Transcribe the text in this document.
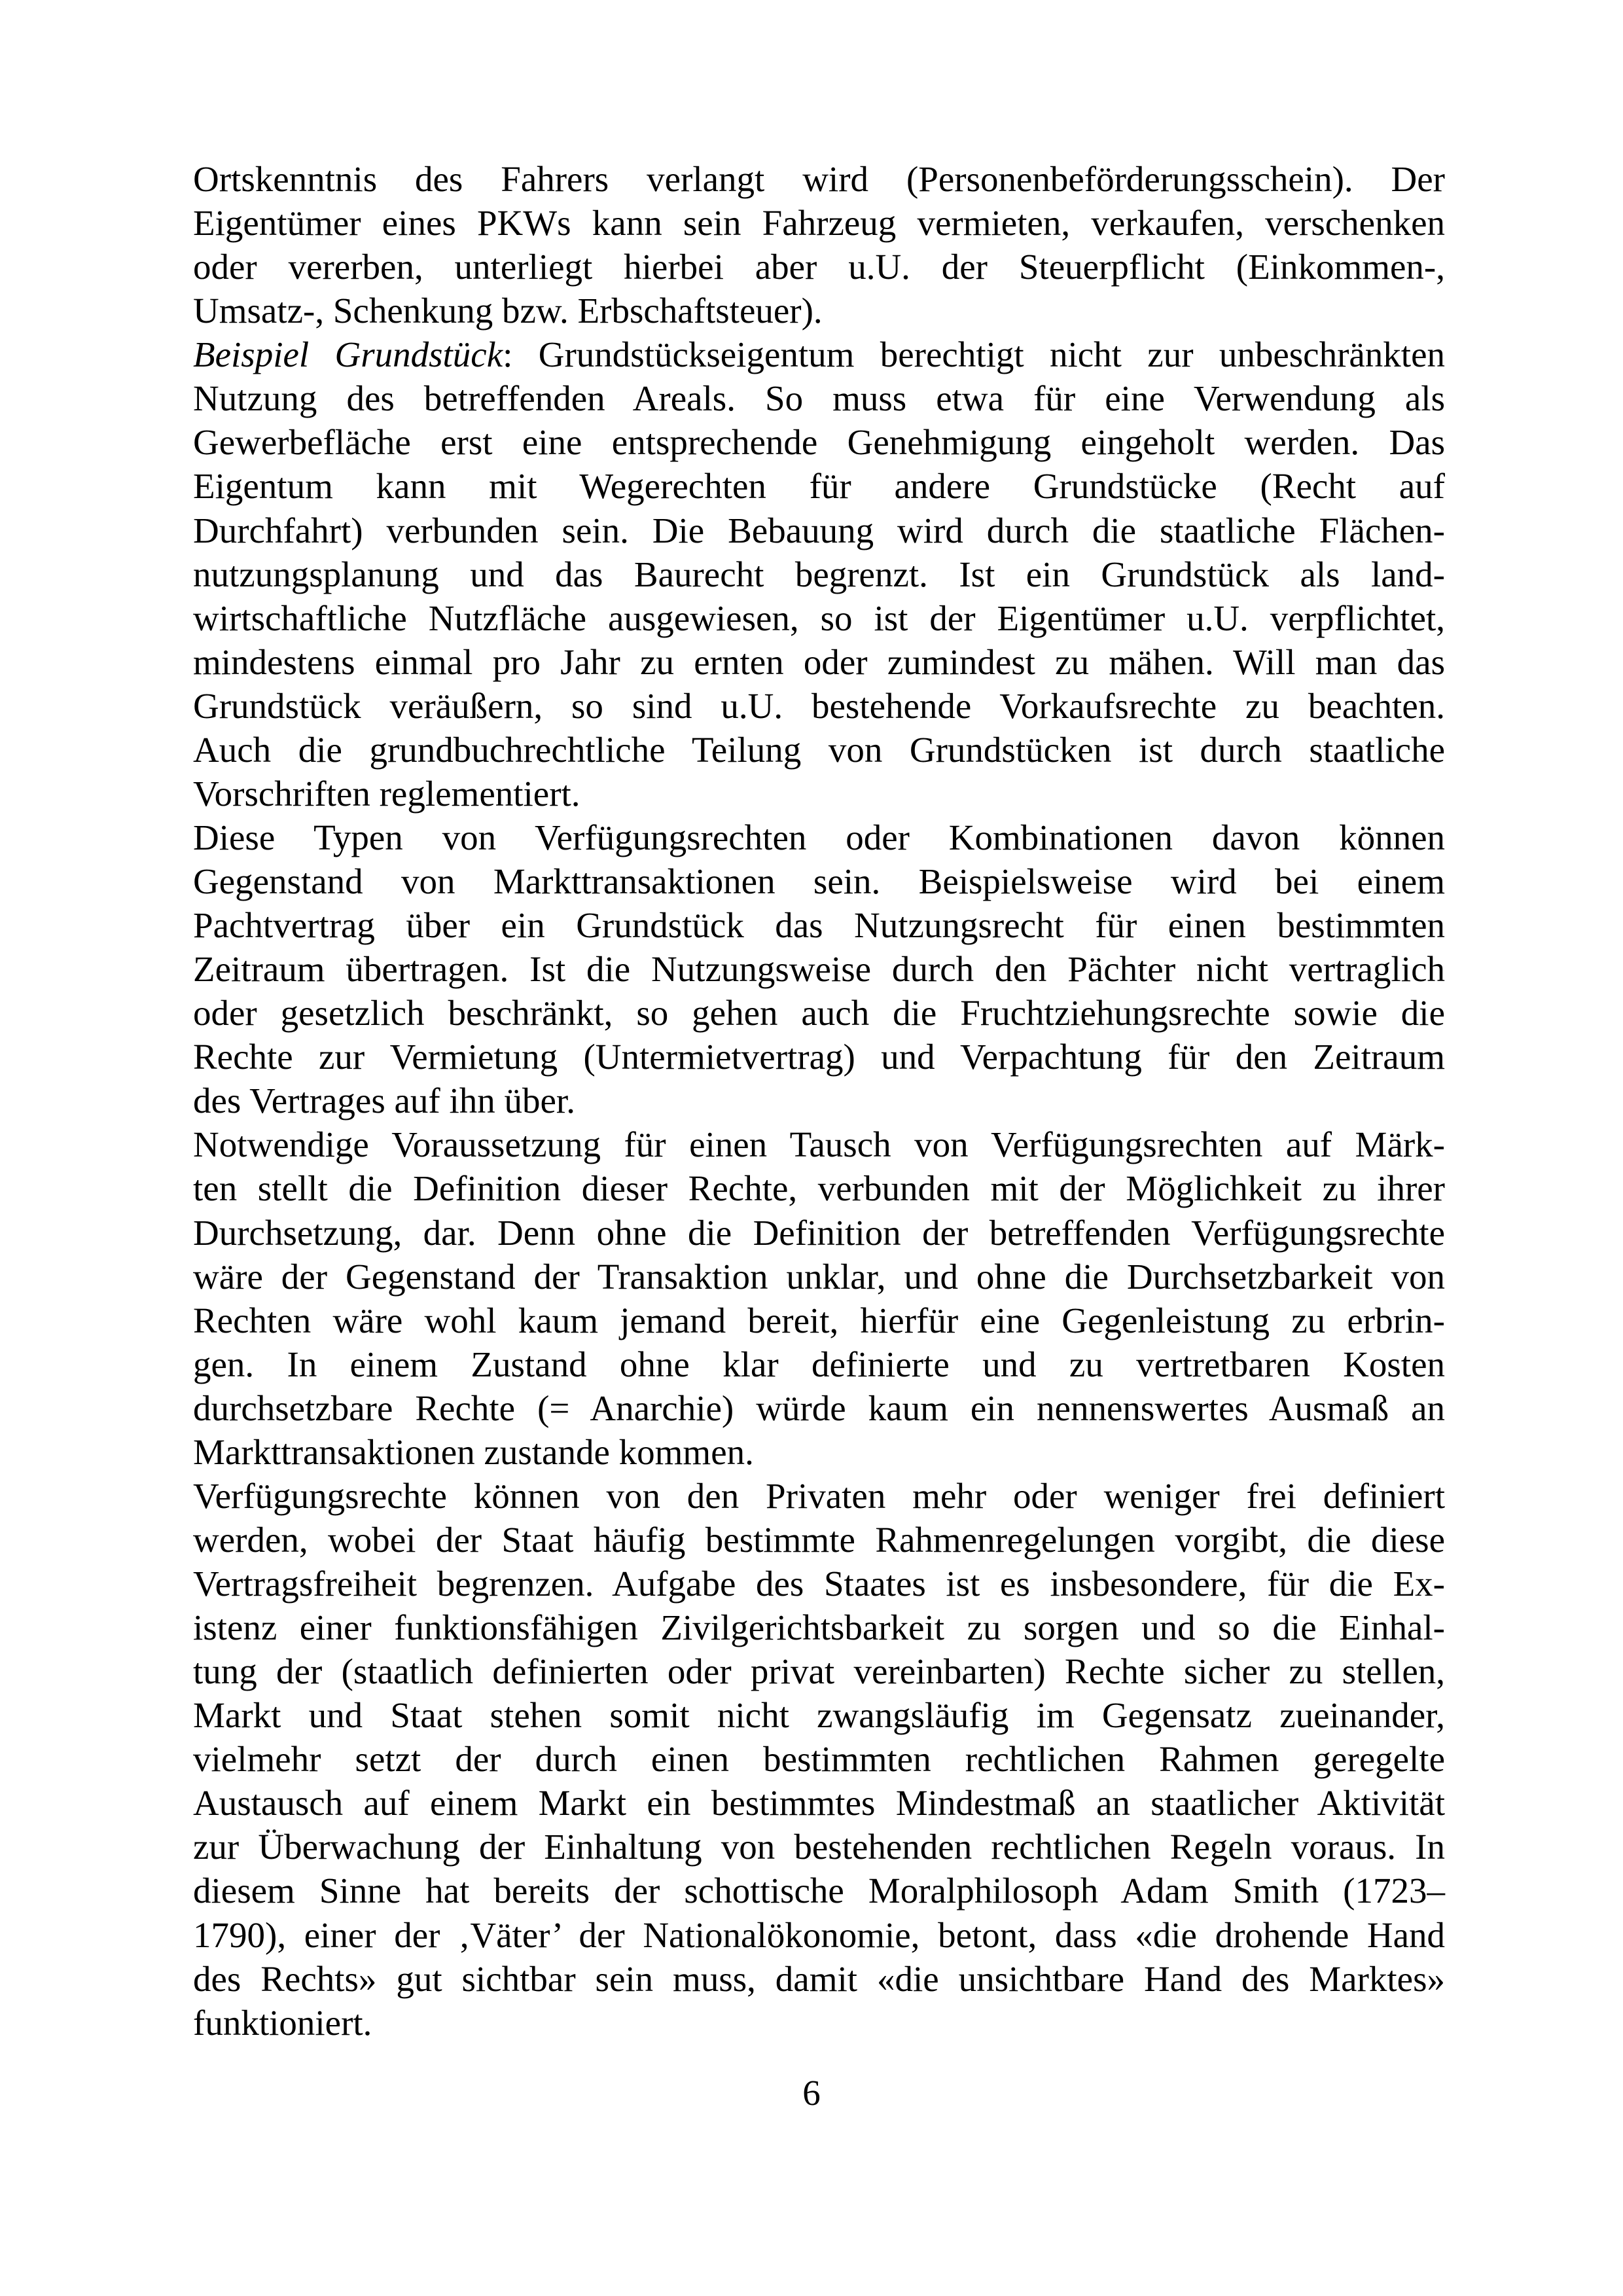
Ortskenntnis des Fahrers verlangt wird (Personenbeförderungsschein). Der
Eigentümer eines PKWs kann sein Fahrzeug vermieten, verkaufen, verschenken
oder vererben, unterliegt hierbei aber u.U. der Steuerpflicht (Einkommen-,
Umsatz-, Schenkung bzw. Erbschaftsteuer).
Beispiel Grundstück: Grundstückseigentum berechtigt nicht zur unbeschränkten
Nutzung des betreffenden Areals. So muss etwa für eine Verwendung als
Gewerbefläche erst eine entsprechende Genehmigung eingeholt werden. Das
Eigentum kann mit Wegerechten für andere Grundstücke (Recht auf
Durchfahrt) verbunden sein. Die Bebauung wird durch die staatliche Flächen-
nutzungsplanung und das Baurecht begrenzt. Ist ein Grundstück als land-
wirtschaftliche Nutzfläche ausgewiesen, so ist der Eigentümer u.U. verpflichtet,
mindestens einmal pro Jahr zu ernten oder zumindest zu mähen. Will man das
Grundstück veräußern, so sind u.U. bestehende Vorkaufsrechte zu beachten.
Auch die grundbuchrechtliche Teilung von Grundstücken ist durch staatliche
Vorschriften reglementiert.
Diese Typen von Verfügungsrechten oder Kombinationen davon können
Gegenstand von Markttransaktionen sein. Beispielsweise wird bei einem
Pachtvertrag über ein Grundstück das Nutzungsrecht für einen bestimmten
Zeitraum übertragen. Ist die Nutzungsweise durch den Pächter nicht vertraglich
oder gesetzlich beschränkt, so gehen auch die Fruchtziehungsrechte sowie die
Rechte zur Vermietung (Untermietvertrag) und Verpachtung für den Zeitraum
des Vertrages auf ihn über.
Notwendige Voraussetzung für einen Tausch von Verfügungsrechten auf Märk-
ten stellt die Definition dieser Rechte, verbunden mit der Möglichkeit zu ihrer
Durchsetzung, dar. Denn ohne die Definition der betreffenden Verfügungsrechte
wäre der Gegenstand der Transaktion unklar, und ohne die Durchsetzbarkeit von
Rechten wäre wohl kaum jemand bereit, hierfür eine Gegenleistung zu erbrin-
gen. In einem Zustand ohne klar definierte und zu vertretbaren Kosten
durchsetzbare Rechte (= Anarchie) würde kaum ein nennenswertes Ausmaß an
Markttransaktionen zustande kommen.
Verfügungsrechte können von den Privaten mehr oder weniger frei definiert
werden, wobei der Staat häufig bestimmte Rahmenregelungen vorgibt, die diese
Vertragsfreiheit begrenzen. Aufgabe des Staates ist es insbesondere, für die Ex-
istenz einer funktionsfähigen Zivilgerichtsbarkeit zu sorgen und so die Einhal-
tung der (staatlich definierten oder privat vereinbarten) Rechte sicher zu stellen,
Markt und Staat stehen somit nicht zwangsläufig im Gegensatz zueinander,
vielmehr setzt der durch einen bestimmten rechtlichen Rahmen geregelte
Austausch auf einem Markt ein bestimmtes Mindestmaß an staatlicher Aktivität
zur Überwachung der Einhaltung von bestehenden rechtlichen Regeln voraus. In
diesem Sinne hat bereits der schottische Moralphilosoph Adam Smith (1723–
1790), einer der ‚Väter’ der Nationalökonomie, betont, dass «die drohende Hand
des Rechts» gut sichtbar sein muss, damit «die unsichtbare Hand des Marktes»
funktioniert.
6
